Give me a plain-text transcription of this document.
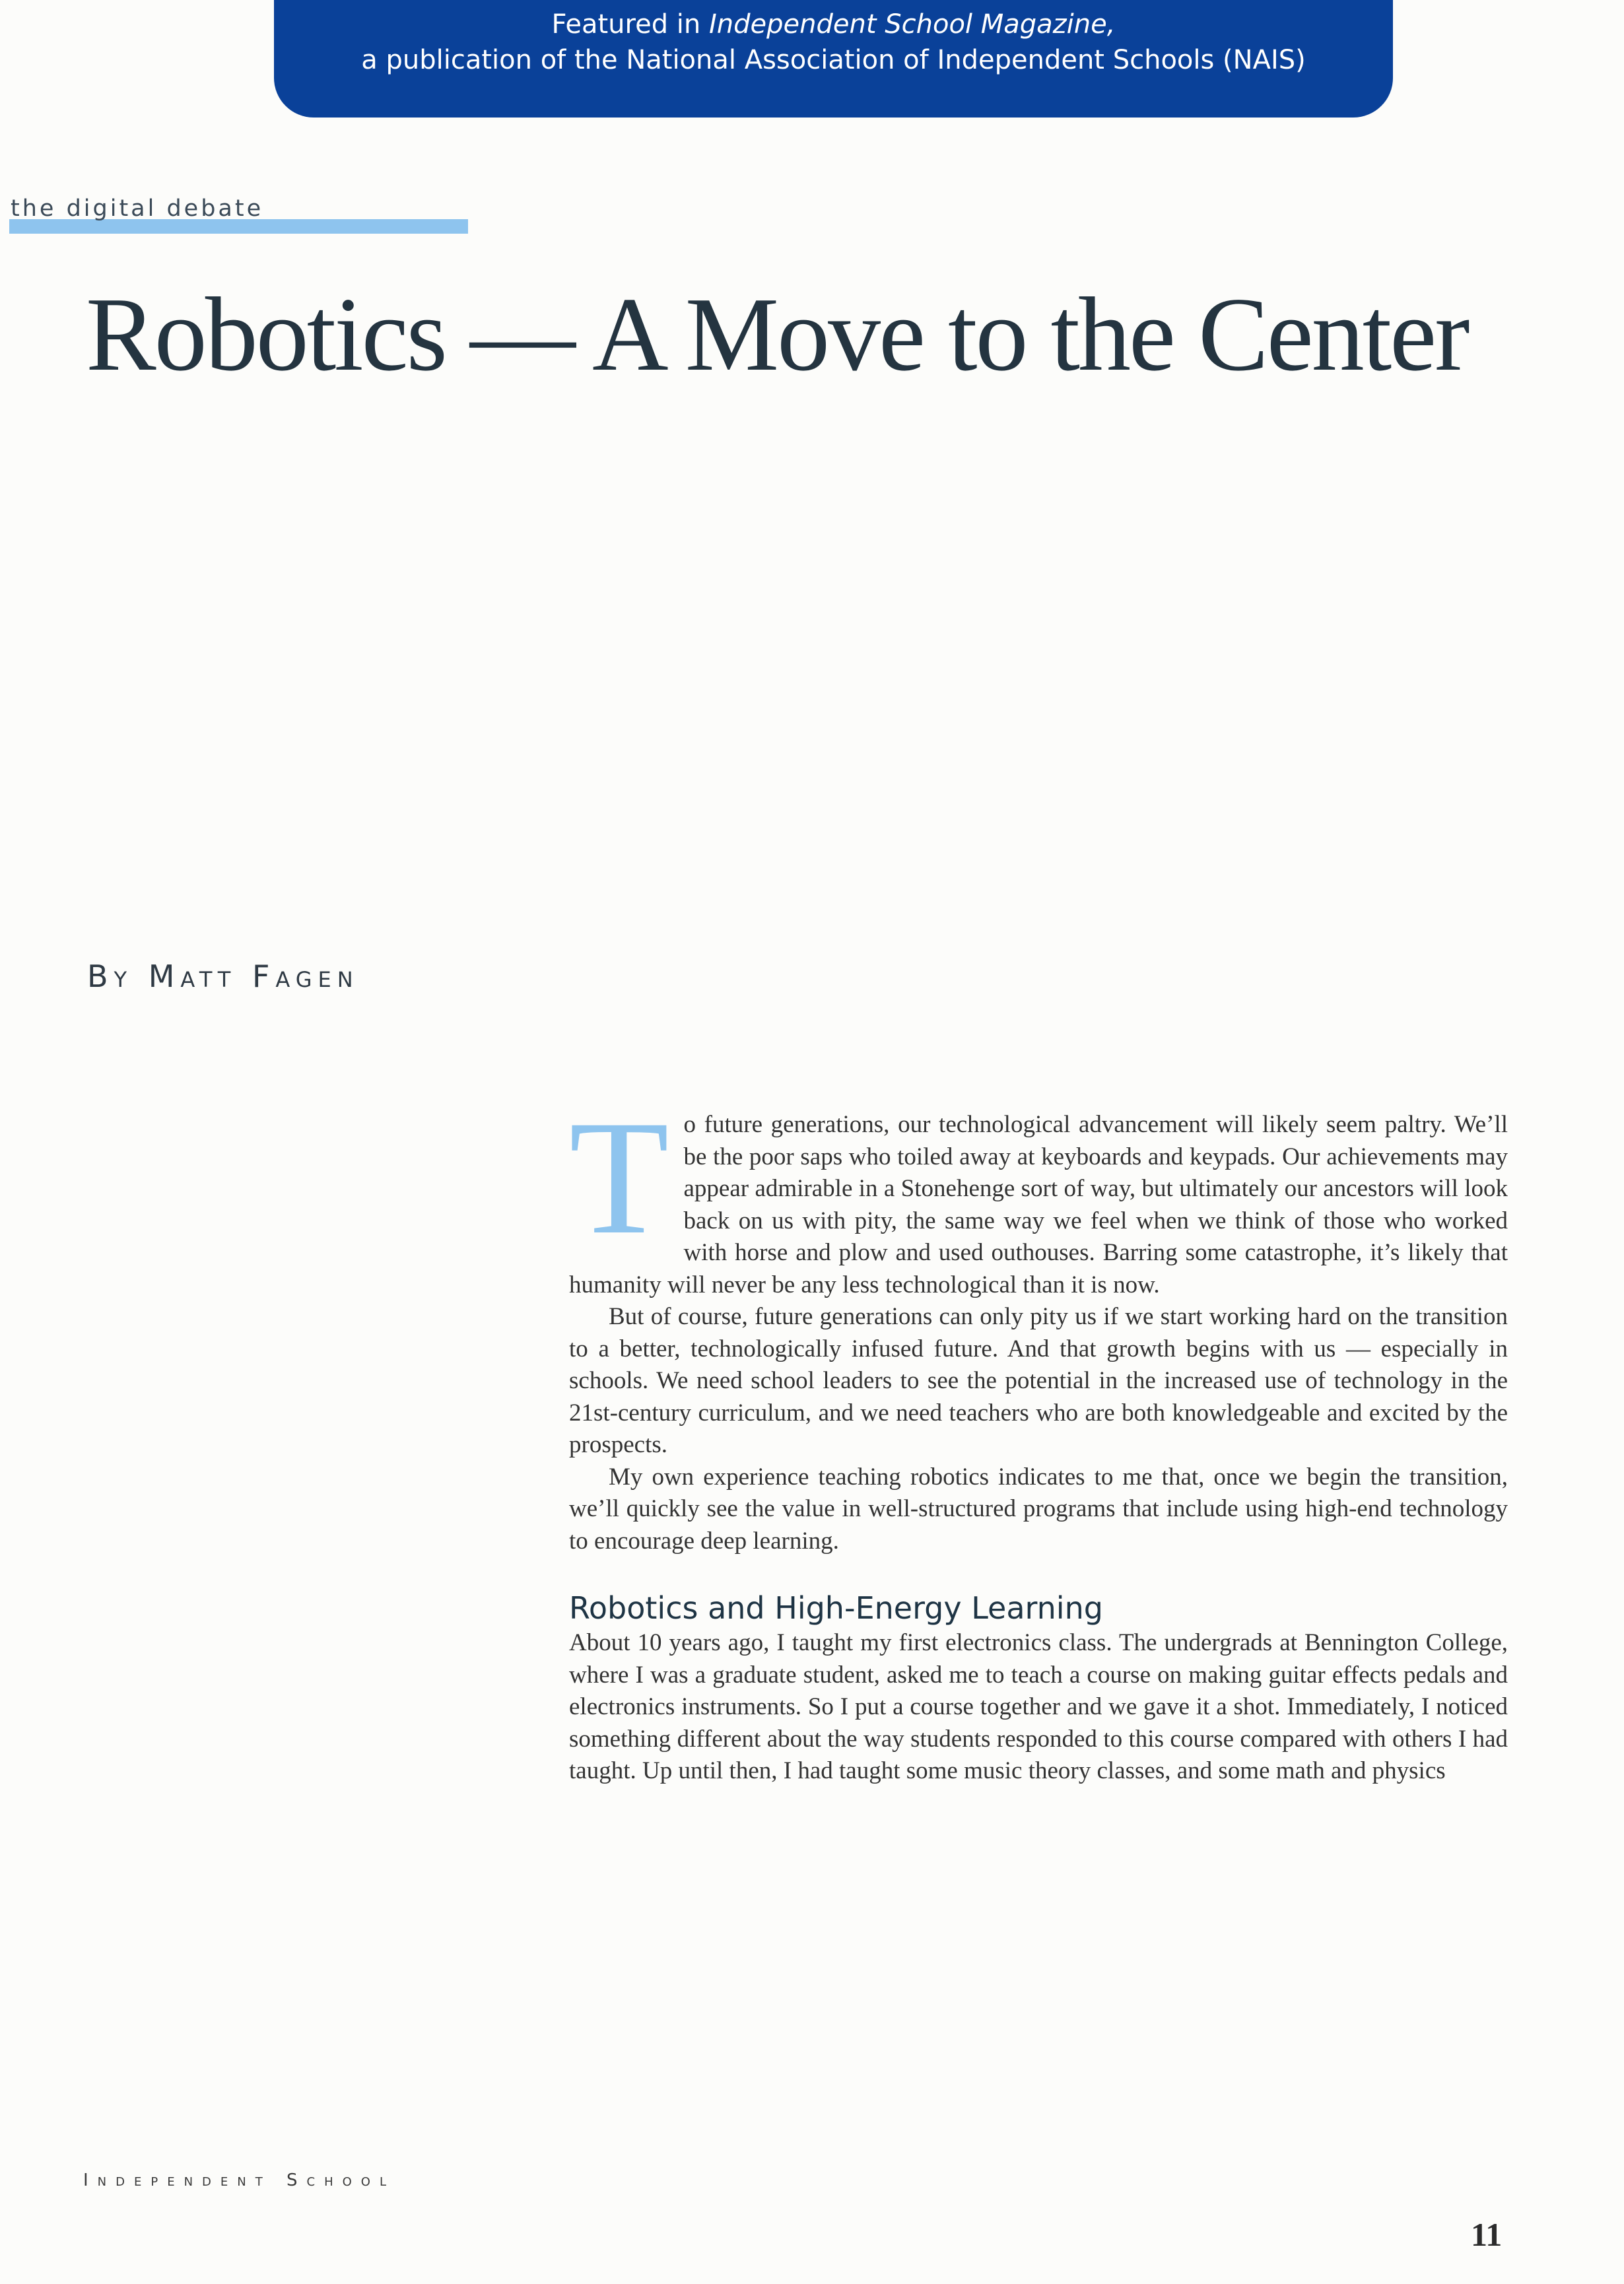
Featured in Independent School Magazine,
a publication of the National Association of Independent Schools (NAIS)
the digital debate
Robotics — A Move to the Center
By Matt Fagen

To future generations, our technological advancement will likely seem paltry. We’ll be the poor saps who toiled away at keyboards and keypads. Our achievements may appear admirable in a Stonehenge sort of way, but ultimately our ancestors will look back on us with pity, the same way we feel when we think of those who worked with horse and plow and used outhouses. Barring some catastrophe, it’s likely that humanity will never be any less technological than it is now.

But of course, future generations can only pity us if we start working hard on the transition to a better, technologically infused future. And that growth begins with us — especially in schools. We need school leaders to see the potential in the increased use of technology in the 21st-century curriculum, and we need teachers who are both knowledgeable and excited by the prospects.

My own experience teaching robotics indicates to me that, once we begin the transition, we’ll quickly see the value in well-structured programs that include using high-end technology to encourage deep learning.

Robotics and High-Energy Learning

About 10 years ago, I taught my first electronics class. The undergrads at Bennington College, where I was a graduate student, asked me to teach a course on making guitar effects pedals and electronics instruments. So I put a course together and we gave it a shot. Immediately, I noticed something different about the way students responded to this course compared with others I had taught. Up until then, I had taught some music theory classes, and some math and physics

Independent School
11
